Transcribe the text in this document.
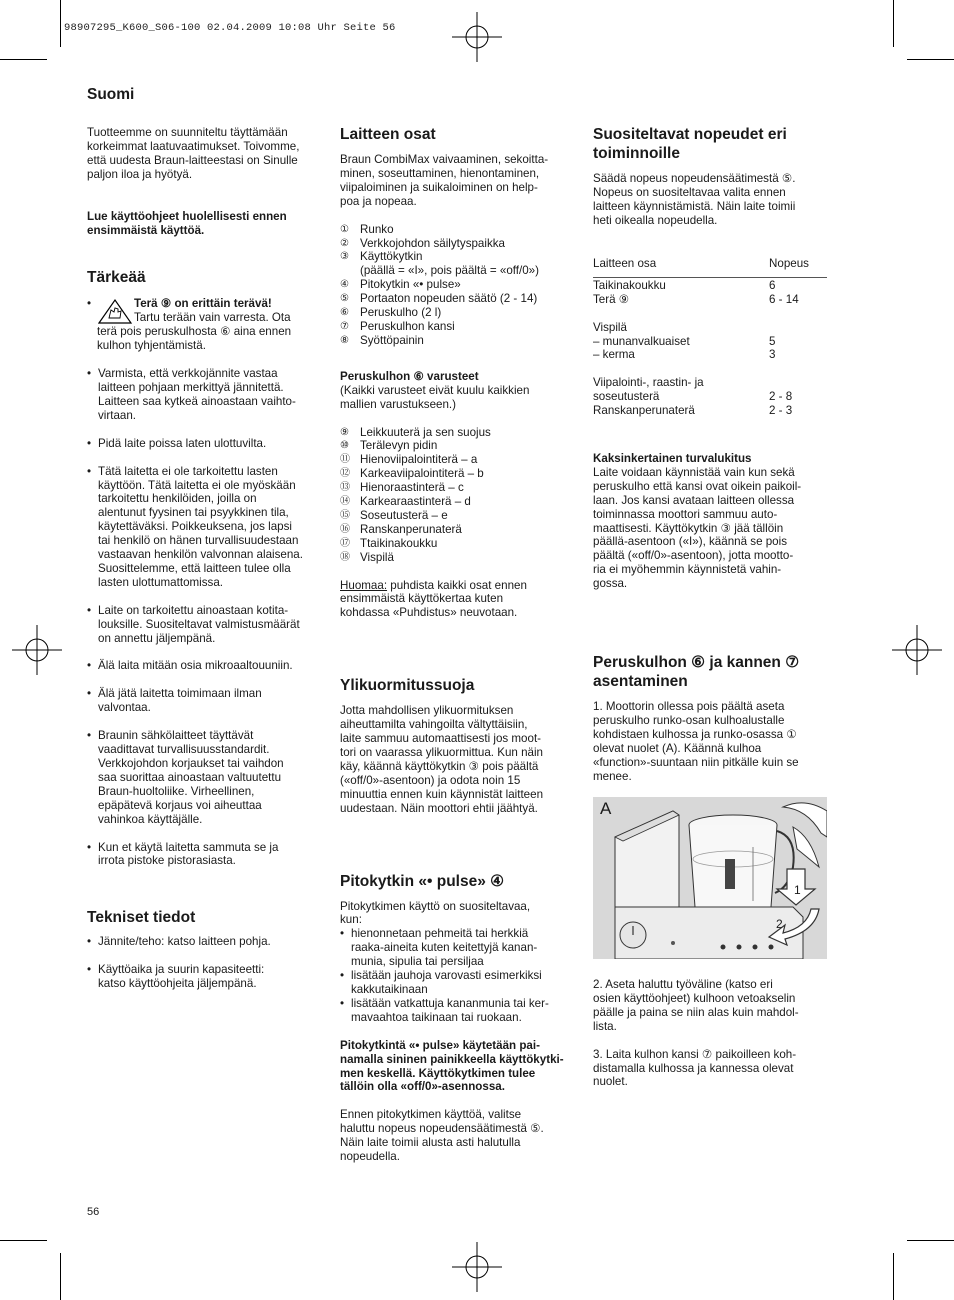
98907295_K600_S06-100 02.04.2009 10:08 Uhr Seite 56
Suomi

Tuotteemme on suunniteltu täyttämään
korkeimmat laatuvaatimukset. Toivomme,
että uudesta Braun-laitteestasi on Sinulle
paljon iloa ja hyötyä.

Lue käyttöohjeet huolellisesti ennen
ensimmäistä käyttöä.

Tärkeää
•	Terä ⑨ on erittäin terävä!
Tartu terään vain varresta. Ota
terä pois peruskulhosta ⑥ aina ennen
kulhon tyhjentämistä.
• Varmista, että verkkojännite vastaa
laitteen pohjaan merkittyä jännitettä.
Laitteen saa kytkeä ainoastaan vaihto-
virtaan.
• Pidä laite poissa laten ulottuvilta.
• Tätä laitetta ei ole tarkoitettu lasten
käyttöön. Tätä laitetta ei ole myöskään
tarkoitettu henkilöiden, joilla on
alentunut fyysinen tai psyykkinen tila,
käytettäväksi. Poikkeuksena, jos lapsi
tai henkilö on hänen turvallisuudestaan
vastaavan henkilön valvonnan alaisena.
Suosittelemme, että laitteen tulee olla
lasten ulottumattomissa.
• Laite on tarkoitettu ainoastaan kotita-
louksille. Suositeltavat valmistusmäärät
on annettu jäljempänä.
• Älä laita mitään osia mikroaaltouuniin.
• Älä jätä laitetta toimimaan ilman
valvontaa.
• Braunin sähkölaitteet täyttävät
vaadittavat turvallisuusstandardit.
Verkkojohdon korjaukset tai vaihdon
saa suorittaa ainoastaan valtuutettu
Braun-huoltoliike. Virheellinen,
epäpätevä korjaus voi aiheuttaa
vahinkoa käyttäjälle.
• Kun et käytä laitetta sammuta se ja
irrota pistoke pistorasiasta.
Tekniset tiedot
• Jännite/teho: katso laitteen pohja.
• Käyttöaika ja suurin kapasiteetti:
katso käyttöohjeita jäljempänä.
Laitteen osat

Braun CombiMax vaivaaminen, sekoitta-
minen, soseuttaminen, hienontaminen,
viipaloiminen ja suikaloiminen on help-
poa ja nopeaa.

① Runko
② Verkkojohdon säilytyspaikka
③ Käyttökytkin
(päällä = «I», pois päältä = «off/0»)
④ Pitokytkin «• pulse»
⑤ Portaaton nopeuden säätö (2 - 14)
⑥ Peruskulho (2 l)
⑦ Peruskulhon kansi
⑧ Syöttöpainin

Peruskulhon ⑥ varusteet

(Kaikki varusteet eivät kuulu kaikkien
mallien varustukseen.)

⑨ Leikkuuterä ja sen suojus
⑩ Terälevyn pidin
⑪ Hienoviipalointiterä – a
⑫ Karkeaviipalointiterä – b
⑬ Hienoraastinterä – c
⑭ Karkearaastinterä – d
⑮ Soseutusterä – e
⑯ Ranskanperunaterä
⑰ Ttaikinakoukku
⑱ Vispilä

Huomaa: puhdista kaikki osat ennen
ensimmäistä käyttökertaa kuten
kohdassa «Puhdistus» neuvotaan.

Ylikuormitussuoja

Jotta mahdollisen ylikuormituksen
aiheuttamilta vahingoilta vältyttäisiin,
laite sammuu automaattisesti jos moot-
tori on vaarassa ylikuormittua. Kun näin
käy, käännä käyttökytkin ③ pois päältä
(«off/0»-asentoon) ja odota noin 15
minuuttia ennen kuin käynnistät laitteen
uudestaan. Näin moottori ehtii jäähtyä.

Pitokytkin «• pulse» ④

Pitokytkimen käyttö on suositeltavaa,
kun:

• hienonnetaan pehmeitä tai herkkiä
raaka-aineita kuten keitettyjä kanan-
munia, sipulia tai persiljaa
• lisätään jauhoja varovasti esimerkiksi
kakkutaikinaan
• lisätään vatkattuja kananmunia tai ker-
mavaahtoa taikinaan tai ruokaan.

Pitokytkintä «• pulse» käytetään pai-
namalla sininen painikkeella käyttökytki-
men keskellä. Käyttökytkimen tulee
tällöin olla «off/0»-asennossa.

Ennen pitokytkimen käyttöä, valitse
haluttu nopeus nopeudensäätimestä ⑤.
Näin laite toimii alusta asti halutulla
nopeudella.

Suositeltavat nopeudet eri
toiminnoille

Säädä nopeus nopeudensäätimestä ⑤.
Nopeus on suositeltavaa valita ennen
laitteen käynnistämistä. Näin laite toimii
heti oikealla nopeudella.

Laitteen osa	Nopeus
Taikinakoukku	6
Terä ⑨	6 - 14
Vispilä
– munanvalkuaiset	5
– kerma	3
Viipalointi-, raastin- ja
soseutusterä	2 - 8
Ranskanperunaterä	2 - 3

Kaksinkertainen turvalukitus

Laite voidaan käynnistää vain kun sekä
peruskulho että kansi ovat oikein paikoil-
laan. Jos kansi avataan laitteen ollessa
toiminnassa moottori sammuu auto-
maattisesti. Käyttökytkin ③ jää tällöin
päällä-asentoon («I»), käännä se pois
päältä («off/0»-asentoon), jotta mootto-
ria ei myöhemmin käynnistetä vahin-
gossa.

Peruskulhon ⑥ ja kannen ⑦
asentaminen

1. Moottorin ollessa pois päältä aseta
peruskulho runko-osan kulhoalustalle
kohdistaen kulhossa ja runko-osassa ①
olevat nuolet (A). Käännä kulhoa
«function»-suuntaan niin pitkälle kuin se
menee.

A
1
2

2. Aseta haluttu työväline (katso eri
osien käyttöohjeet) kulhoon vetoakselin
päälle ja paina se niin alas kuin mahdol-
lista.

3. Laita kulhon kansi ⑦ paikoilleen koh-
distamalla kulhossa ja kannessa olevat
nuolet.

56
